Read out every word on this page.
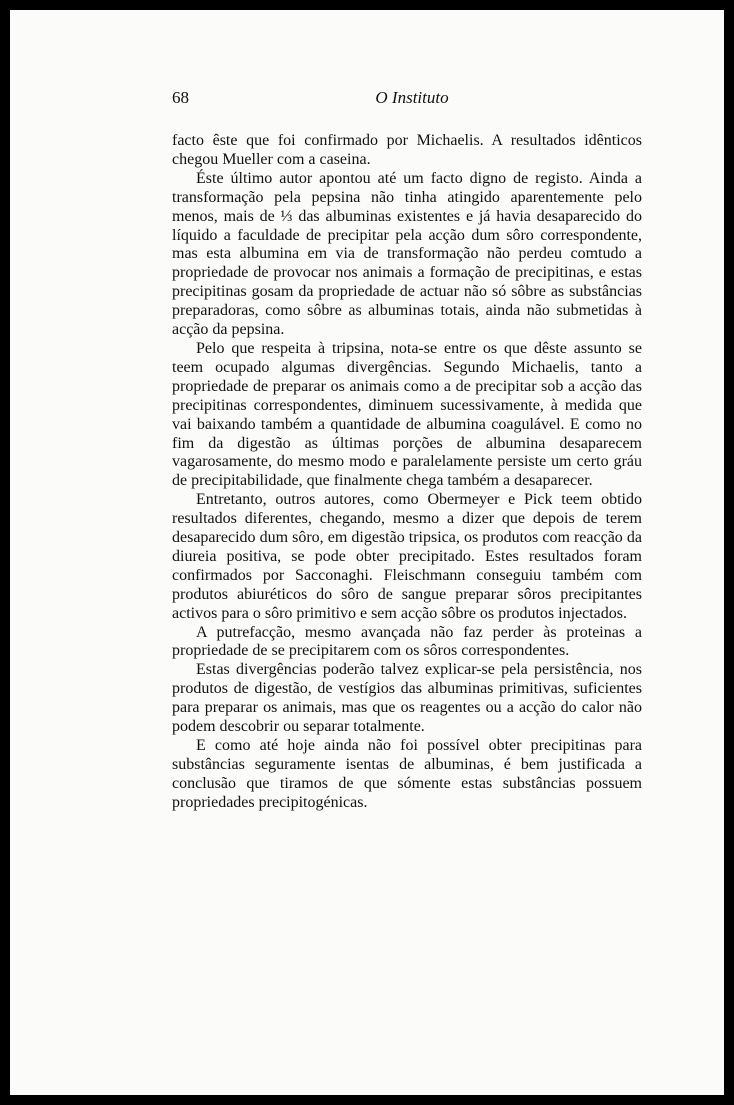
68	O Instituto

facto êste que foi confirmado por Michaelis. A resultados idênticos chegou Mueller com a caseina.

Éste último autor apontou até um facto digno de registo. Ainda a transformação pela pepsina não tinha atingido aparentemente pelo menos, mais de ⅓ das albuminas existentes e já havia desaparecido do líquido a faculdade de precipitar pela acção dum sôro correspondente, mas esta albumina em via de transformação não perdeu comtudo a propriedade de provocar nos animais a formação de precipitinas, e estas precipitinas gosam da propriedade de actuar não só sôbre as substâncias preparadoras, como sôbre as albuminas totais, ainda não submetidas à acção da pepsina.

Pelo que respeita à tripsina, nota-se entre os que dêste assunto se teem ocupado algumas divergências. Segundo Michaelis, tanto a propriedade de preparar os animais como a de precipitar sob a acção das precipitinas correspondentes, diminuem sucessivamente, à medida que vai baixando também a quantidade de albumina coagulável. E como no fim da digestão as últimas porções de albumina desaparecem vagarosamente, do mesmo modo e paralelamente persiste um certo gráu de precipitabilidade, que finalmente chega também a desaparecer.

Entretanto, outros autores, como Obermeyer e Pick teem obtido resultados diferentes, chegando, mesmo a dizer que depois de terem desaparecido dum sôro, em digestão tripsica, os produtos com reacção da diureia positiva, se pode obter precipitado. Estes resultados foram confirmados por Sacconaghi. Fleischmann conseguiu também com produtos abiuréticos do sôro de sangue preparar sôros precipitantes activos para o sôro primitivo e sem acção sôbre os produtos injectados.

A putrefacção, mesmo avançada não faz perder às proteinas a propriedade de se precipitarem com os sôros correspondentes.

Estas divergências poderão talvez explicar-se pela persistência, nos produtos de digestão, de vestígios das albuminas primitivas, suficientes para preparar os animais, mas que os reagentes ou a acção do calor não podem descobrir ou separar totalmente.

E como até hoje ainda não foi possível obter precipitinas para substâncias seguramente isentas de albuminas, é bem justificada a conclusão que tiramos de que sómente estas substâncias possuem propriedades precipitogénicas.
